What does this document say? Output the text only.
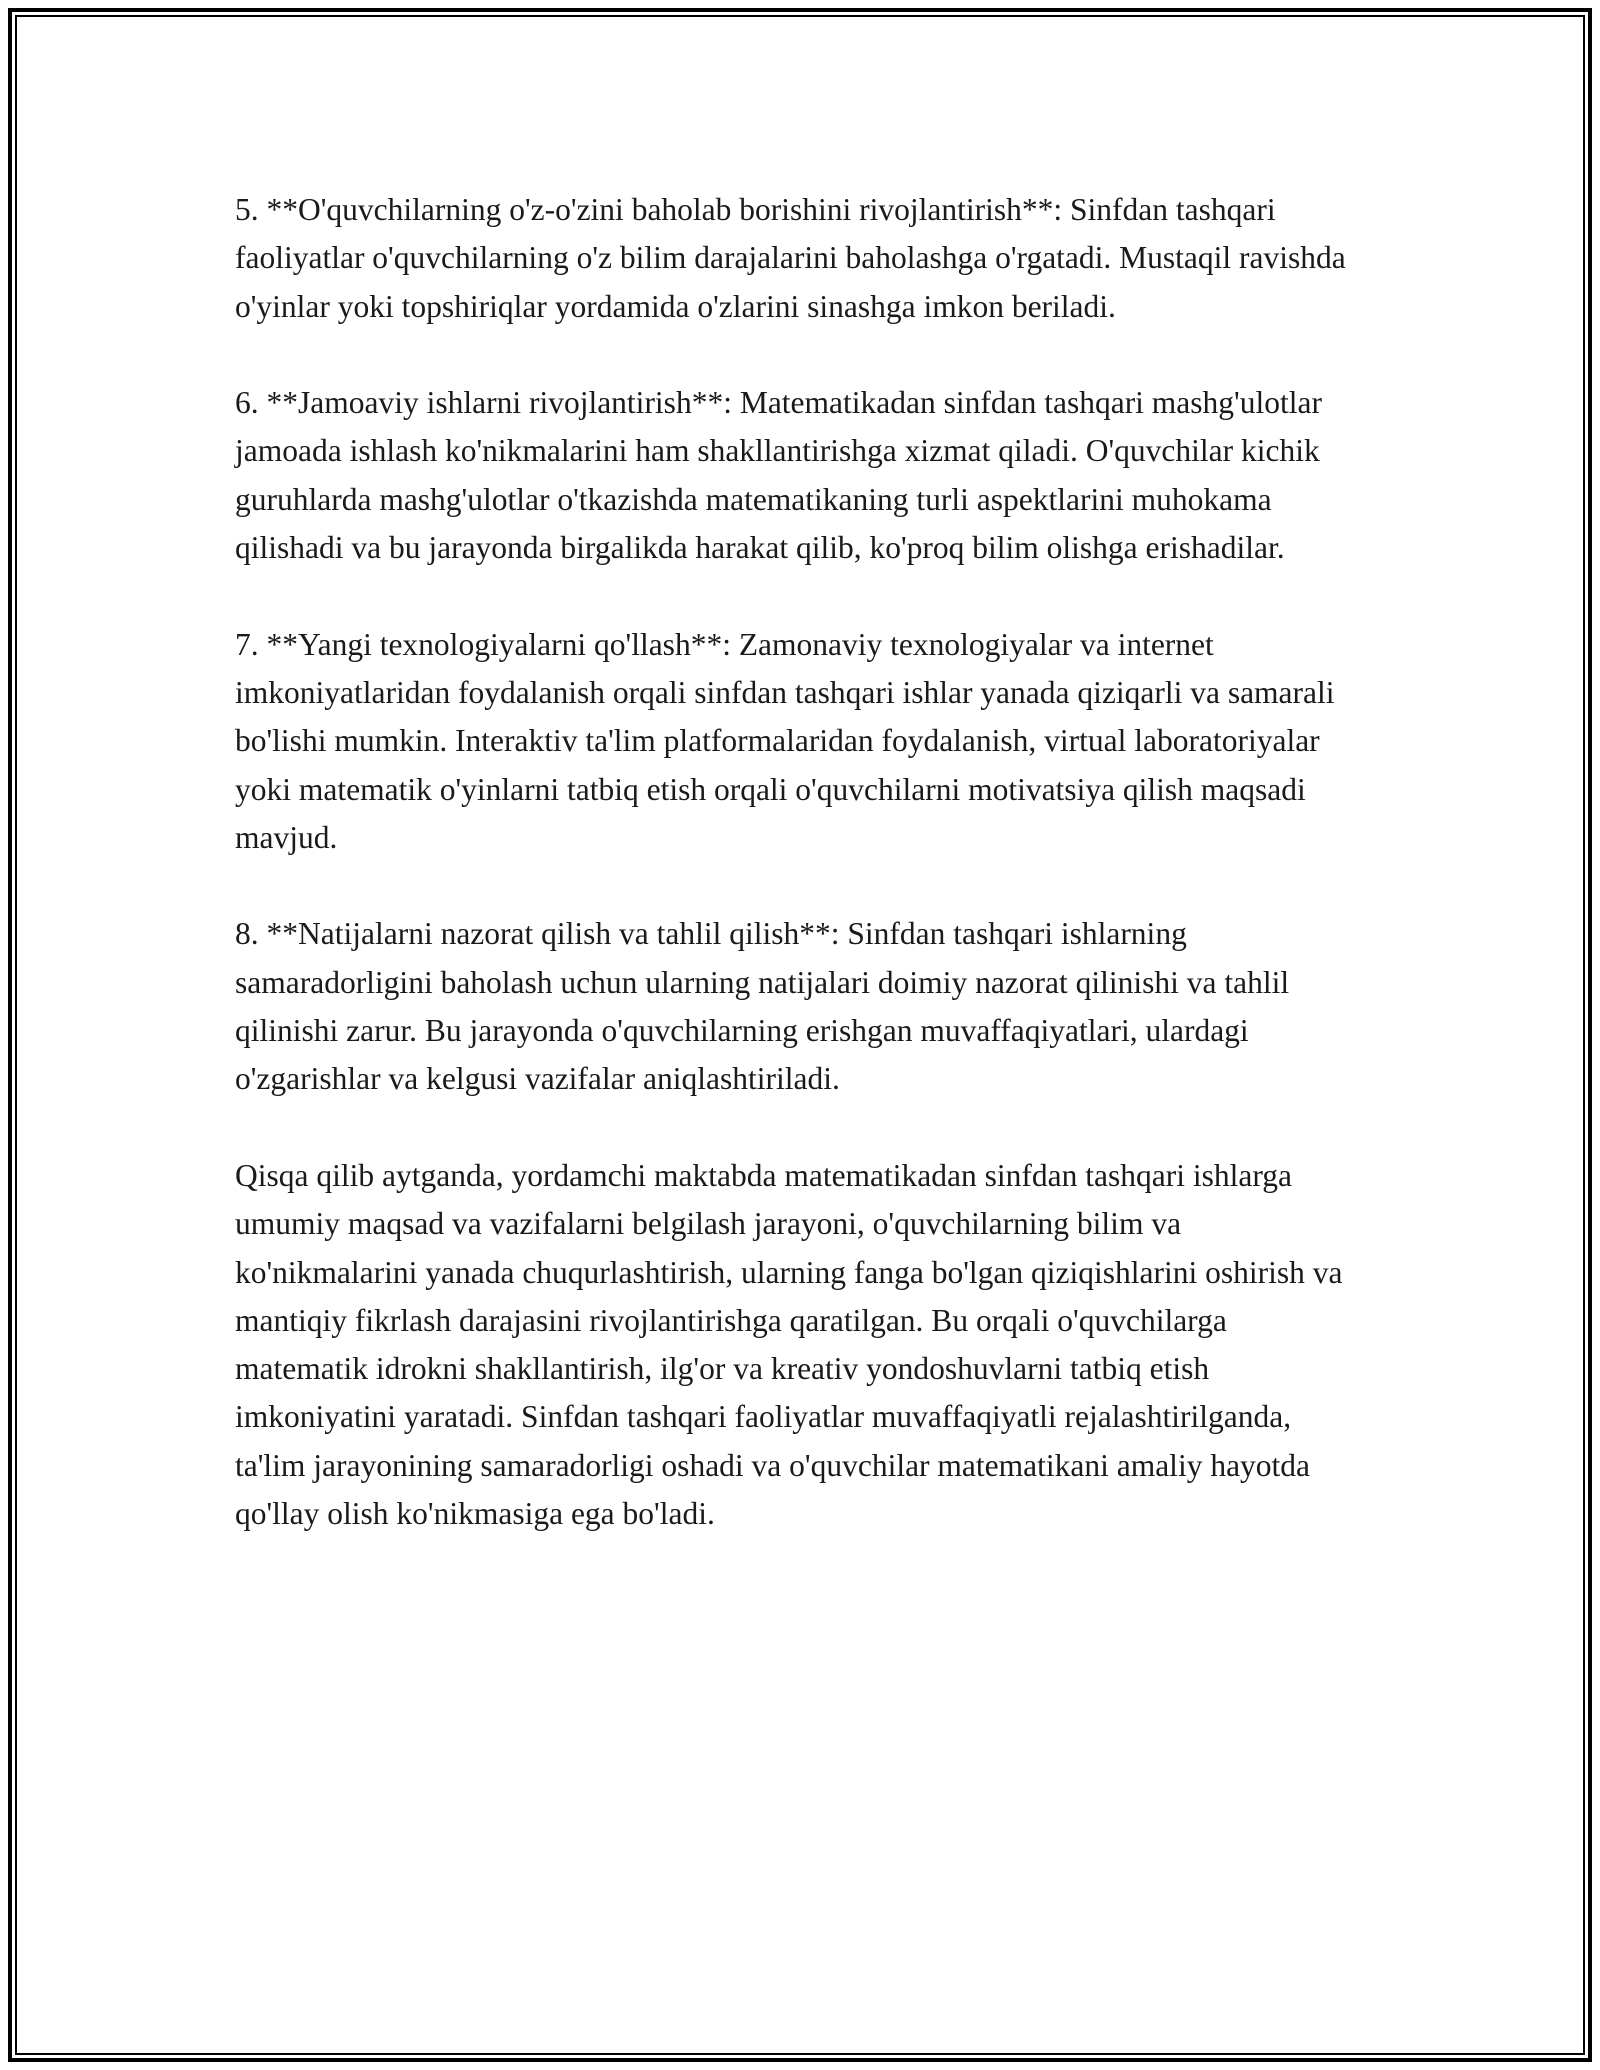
5. **O'quvchilarning o'z-o'zini baholab borishini rivojlantirish**: Sinfdan tashqari faoliyatlar o'quvchilarning o'z bilim darajalarini baholashga o'rgatadi. Mustaqil ravishda o'yinlar yoki topshiriqlar yordamida o'zlarini sinashga imkon beriladi.

6. **Jamoaviy ishlarni rivojlantirish**: Matematikadan sinfdan tashqari mashg'ulotlar jamoada ishlash ko'nikmalarini ham shakllantirishga xizmat qiladi. O'quvchilar kichik guruhlarda mashg'ulotlar o'tkazishda matematikaning turli aspektlarini muhokama qilishadi va bu jarayonda birgalikda harakat qilib, ko'proq bilim olishga erishadilar.

7. **Yangi texnologiyalarni qo'llash**: Zamonaviy texnologiyalar va internet imkoniyatlaridan foydalanish orqali sinfdan tashqari ishlar yanada qiziqarli va samarali bo'lishi mumkin. Interaktiv ta'lim platformalaridan foydalanish, virtual laboratoriyalar yoki matematik o'yinlarni tatbiq etish orqali o'quvchilarni motivatsiya qilish maqsadi mavjud.

8. **Natijalarni nazorat qilish va tahlil qilish**: Sinfdan tashqari ishlarning samaradorligini baholash uchun ularning natijalari doimiy nazorat qilinishi va tahlil qilinishi zarur. Bu jarayonda o'quvchilarning erishgan muvaffaqiyatlari, ulardagi o'zgarishlar va kelgusi vazifalar aniqlashtiriladi.

Qisqa qilib aytganda, yordamchi maktabda matematikadan sinfdan tashqari ishlarga umumiy maqsad va vazifalarni belgilash jarayoni, o'quvchilarning bilim va ko'nikmalarini yanada chuqurlashtirish, ularning fanga bo'lgan qiziqishlarini oshirish va mantiqiy fikrlash darajasini rivojlantirishga qaratilgan. Bu orqali o'quvchilarga matematik idrokni shakllantirish, ilg'or va kreativ yondoshuvlarni tatbiq etish imkoniyatini yaratadi. Sinfdan tashqari faoliyatlar muvaffaqiyatli rejalashtirilganda, ta'lim jarayonining samaradorligi oshadi va o'quvchilar matematikani amaliy hayotda qo'llay olish ko'nikmasiga ega bo'ladi.
